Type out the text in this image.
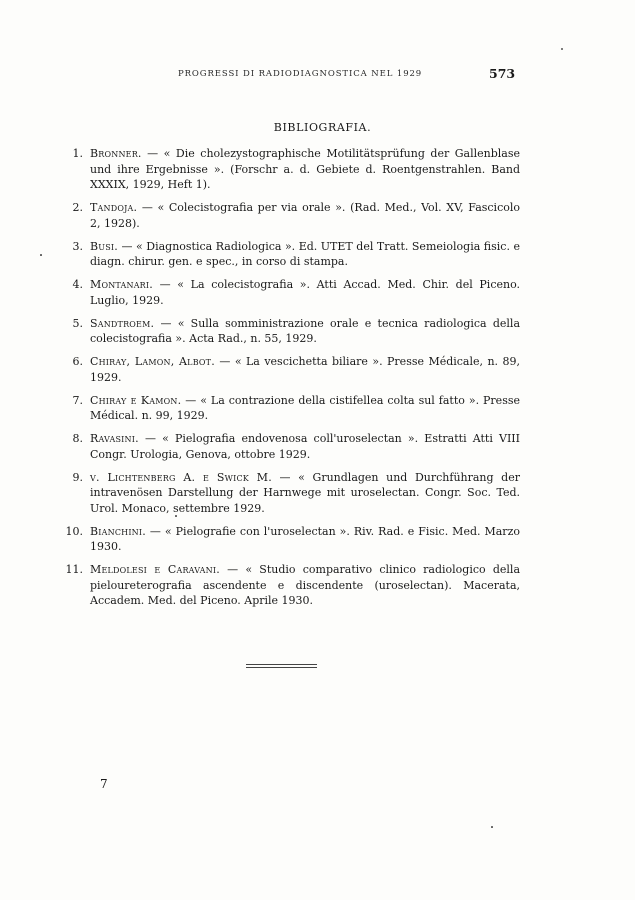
PROGRESSI DI RADIODIAGNOSTICA NEL 1929	573
BIBLIOGRAFIA.
1. Bronner. — « Die cholezystographische Motilitätsprüfung der Gallenblase und ihre Ergebnisse ». (Forschr a. d. Gebiete d. Roentgenstrahlen. Band XXXIX, 1929, Heft 1).
2. Tandoja. — « Colecistografia per via orale ». (Rad. Med., Vol. XV, Fascicolo 2, 1928).
3. Busi. — « Diagnostica Radiologica ». Ed. UTET del Tratt. Semeiologia fisic. e diagn. chirur. gen. e spec., in corso di stampa.
4. Montanari. — « La colecistografia ». Atti Accad. Med. Chir. del Piceno. Luglio, 1929.
5. Sandtroem. — « Sulla somministrazione orale e tecnica radiologica della colecistografia ». Acta Rad., n. 55, 1929.
6. Chiray, Lamon, Albot. — « La vescichetta biliare ». Presse Médicale, n. 89, 1929.
7. Chiray e Kamon. — « La contrazione della cistifellea colta sul fatto ». Presse Médical. n. 99, 1929.
8. Ravasini. — « Pielografia endovenosa coll'uroselectan ». Estratti Atti VIII Congr. Urologia, Genova, ottobre 1929.
9. v. Lichtenberg A. e Swick M. — « Grundlagen und Durchführang der intravenösen Darstellung der Harnwege mit uroselectan. Congr. Soc. Ted. Urol. Monaco, settembre 1929.
10. Bianchini. — « Pielografie con l'uroselectan ». Riv. Rad. e Fisic. Med. Marzo 1930.
11. Meldolesi e Caravani. — « Studio comparativo clinico radiologico della pieloureterografia ascendente e discendente (uroselectan). Macerata, Accadem. Med. del Piceno. Aprile 1930.
7
